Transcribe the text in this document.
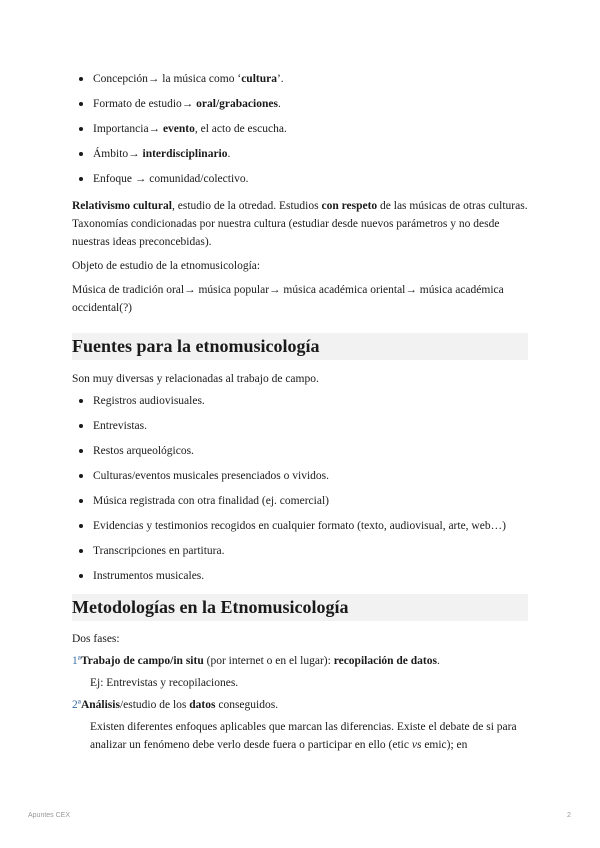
Concepción→ la música como ‘cultura’.
Formato de estudio→ oral/grabaciones.
Importancia→ evento, el acto de escucha.
Ámbito→ interdisciplinario.
Enfoque → comunidad/colectivo.

Relativismo cultural, estudio de la otredad. Estudios con respeto de las músicas de otras culturas. Taxonomías condicionadas por nuestra cultura (estudiar desde nuevos parámetros y no desde nuestras ideas preconcebidas).

Objeto de estudio de la etnomusicología:

Música de tradición oral→ música popular→ música académica oriental→ música académica occidental(?)

Fuentes para la etnomusicología

Son muy diversas y relacionadas al trabajo de campo.

Registros audiovisuales.
Entrevistas.
Restos arqueológicos.
Culturas/eventos musicales presenciados o vividos.
Música registrada con otra finalidad (ej. comercial)
Evidencias y testimonios recogidos en cualquier formato (texto, audiovisual, arte, web…)
Transcripciones en partitura.
Instrumentos musicales.
Metodologías en la Etnomusicología

Dos fases:

1ªTrabajo de campo/in situ (por internet o en el lugar): recopilación de datos.

Ej: Entrevistas y recopilaciones.

2ªAnálisis/estudio de los datos conseguidos.

Existen diferentes enfoques aplicables que marcan las diferencias. Existe el debate de si para analizar un fenómeno debe verlo desde fuera o participar en ello (etic vs emic); en

Apuntes CEX	2
